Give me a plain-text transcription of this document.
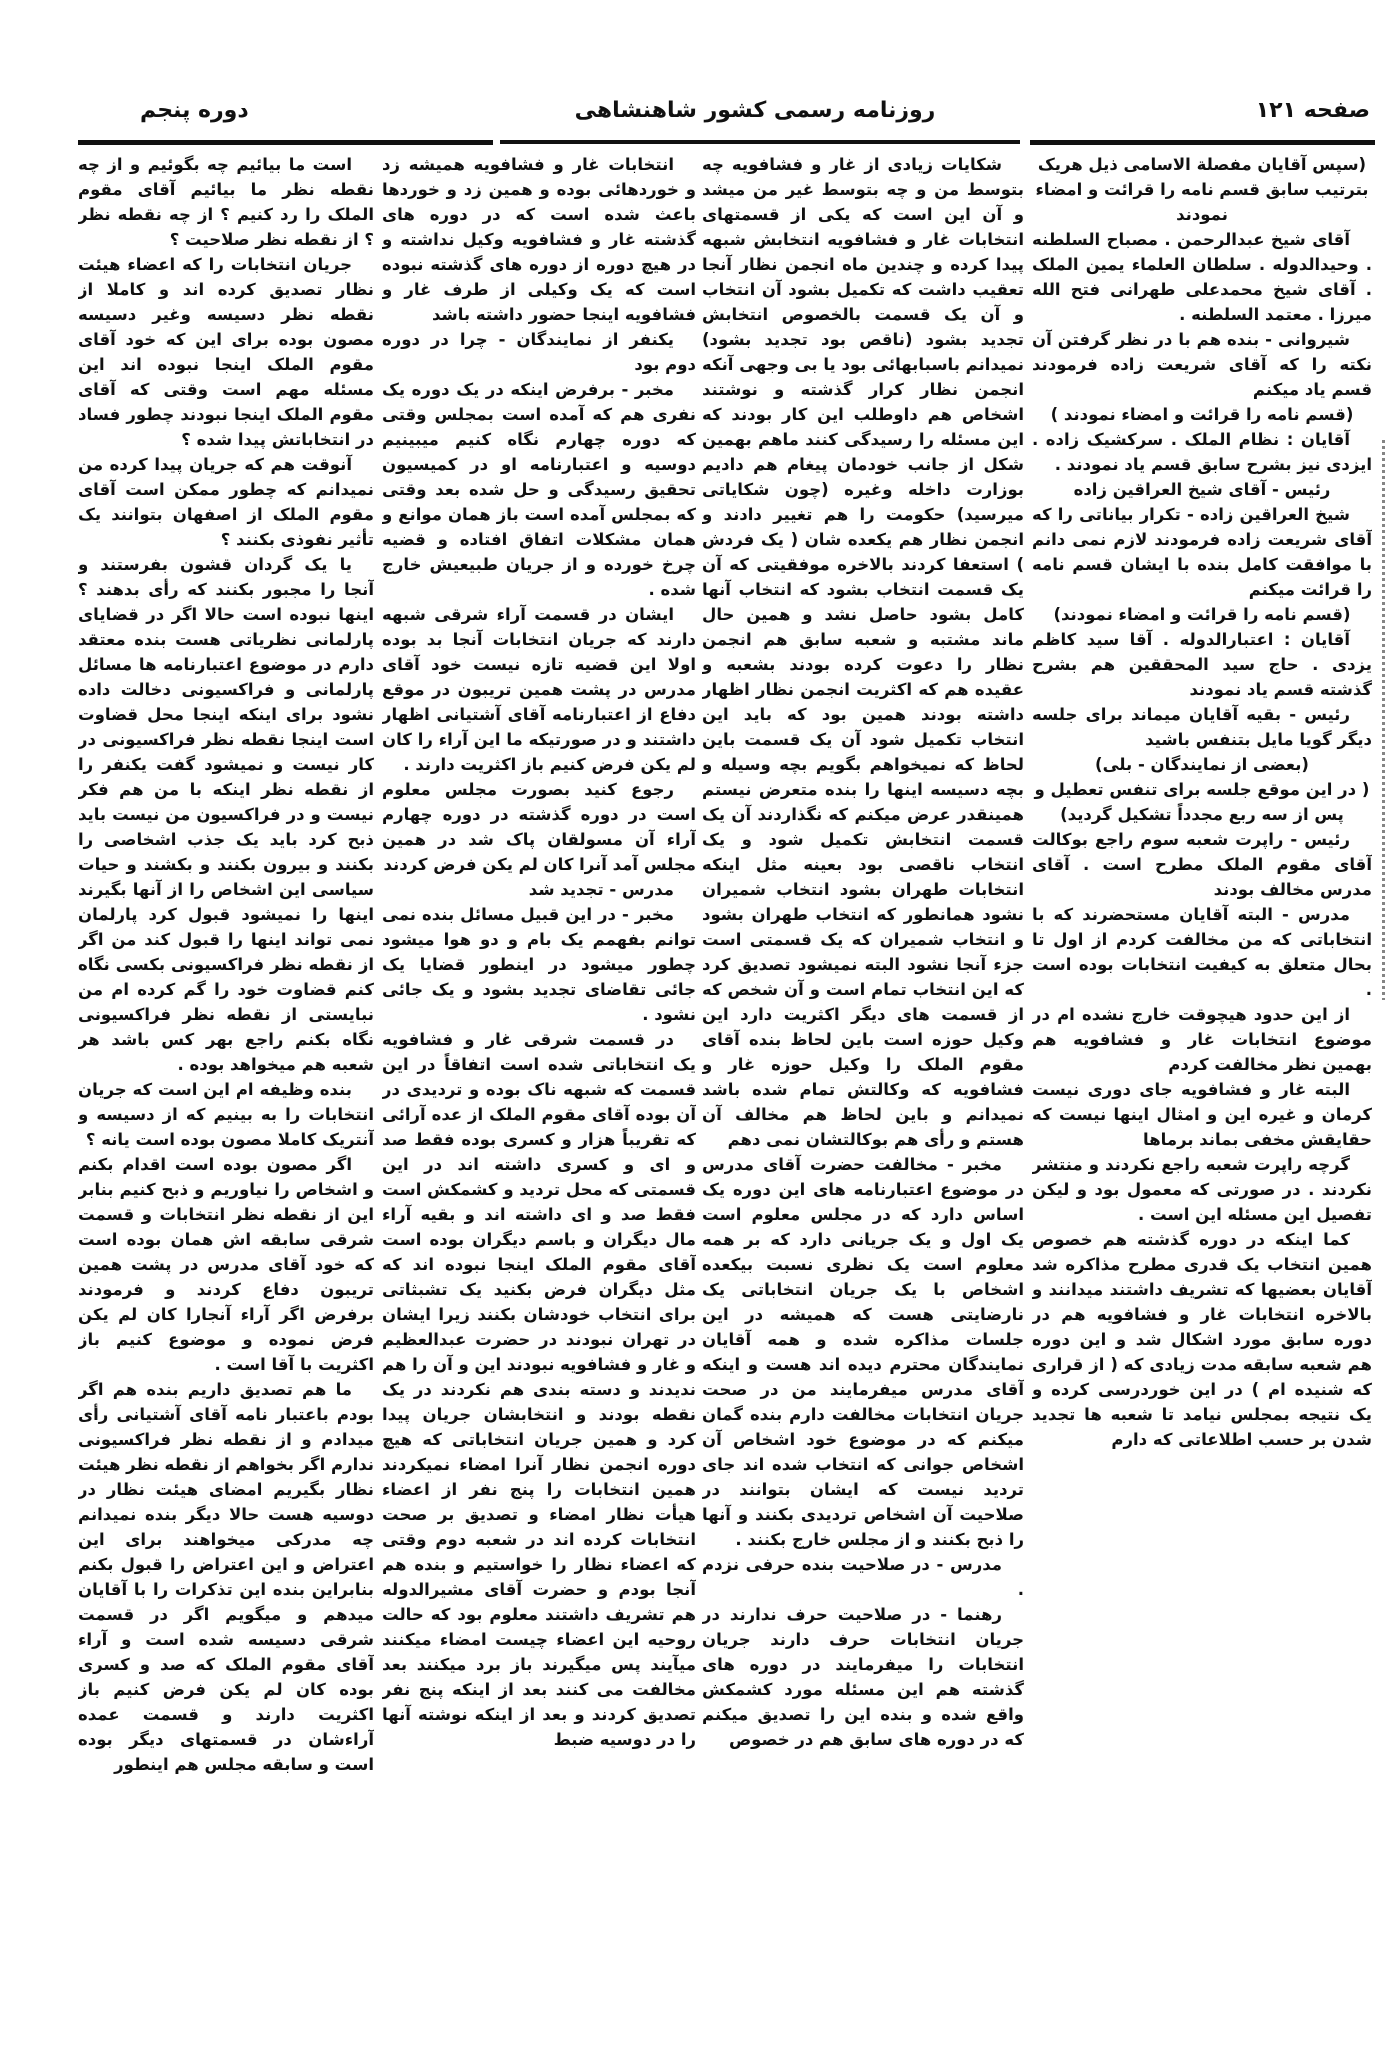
صفحه ۱۲۱
روزنامه رسمی کشور شاهنشاهی
دوره پنجم

(سپس آقایان مفصلة الاسامی ذیل هریک بترتیب سابق قسم نامه را قرائت و امضاء نمودند

آقای شیخ عبدالرحمن . مصباح السلطنه . وحیدالدوله . سلطان العلماء یمین الملک . آقای شیخ محمدعلی طهرانی فتح الله میرزا . معتمد السلطنه .

شیروانی - بنده هم با در نظر گرفتن آن نکته را که آقای شریعت زاده فرمودند قسم یاد میکنم

(قسم نامه را قرائت و امضاء نمودند )

آقایان : نظام الملک . سرکشیک زاده . ایزدی نیز بشرح سابق قسم یاد نمودند .

رئیس - آقای شیخ العراقین زاده

شیخ العراقین زاده - تکرار بیاناتی را که آقای شریعت زاده فرمودند لازم نمی دانم با موافقت کامل بنده با ایشان قسم نامه را قرائت میکنم

(قسم نامه را قرائت و امضاء نمودند)

آقایان : اعتبارالدوله . آقا سید کاظم یزدی . حاج سید المحققین هم بشرح گذشته قسم یاد نمودند

رئیس - بقیه آقایان میماند برای جلسه دیگر گویا مایل بتنفس باشید

(بعضی از نمایندگان - بلی)

( در این موقع جلسه برای تنفس تعطیل و پس از سه ربع مجدداً تشکیل گردید)

رئیس - راپرت شعبه سوم راجع بوکالت آقای مقوم الملک مطرح است . آقای مدرس مخالف بودند

مدرس - البته آقایان مستحضرند که با انتخاباتی که من مخالفت کردم از اول تا بحال متعلق به کیفیت انتخابات بوده است .

از این حدود هیچوقت خارج نشده ام در موضوع انتخابات غار و فشافویه هم بهمین نظر مخالفت کردم

البته غار و فشافویه جای دوری نیست کرمان و غیره این و امثال اینها نیست که حقایقش مخفی بماند برماها

گرچه راپرت شعبه راجع نکردند و منتشر نکردند . در صورتی که معمول بود و لیکن تفصیل این مسئله این است .

کما اینکه در دوره گذشته هم خصوص همین انتخاب یک قدری مطرح مذاکره شد آقایان بعضیها که تشریف داشتند میدانند و بالاخره انتخابات غار و فشافویه هم در دوره سابق مورد اشکال شد و این دوره هم شعبه سابقه مدت زیادی که ( از قراری که شنیده ام ) در این خوردرسی کرده و یک نتیجه بمجلس نیامد تا شعبه ها تجدید شدن بر حسب اطلاعاتی که دارم

شکایات زیادی از غار و فشافویه چه بتوسط من و چه بتوسط غیر من میشد و آن این است که یکی از قسمتهای انتخابات غار و فشافویه انتخابش شبهه پیدا کرده و چندین ماه انجمن نظار آنجا تعقیب داشت که تکمیل بشود آن انتخاب و آن یک قسمت بالخصوص انتخابش تجدید بشود (ناقص بود تجدید بشود) نمیدانم باسبابهائی بود یا بی وجهی آنکه انجمن نظار کرار گذشته و نوشتند اشخاص هم داوطلب این کار بودند که این مسئله را رسیدگی کنند ماهم بهمین شکل از جانب خودمان پیغام هم دادیم بوزارت داخله وغیره (چون شکایاتی میرسید) حکومت را هم تغییر دادند و انجمن نظار هم یکعده شان ( یک فردش ) استعفا کردند بالاخره موفقیتی که آن یک قسمت انتخاب بشود که انتخاب آنها کامل بشود حاصل نشد و همین حال ماند مشتبه و شعبه سابق هم انجمن نظار را دعوت کرده بودند بشعبه و عقیده هم که اکثریت انجمن نظار اظهار داشته بودند همین بود که باید این انتخاب تکمیل شود آن یک قسمت باین لحاظ که نمیخواهم بگویم بچه وسیله و بچه دسیسه اینها را بنده متعرض نیستم همینقدر عرض میکنم که نگذاردند آن یک قسمت انتخابش تکمیل شود و یک انتخاب ناقصی بود بعینه مثل اینکه انتخابات طهران بشود انتخاب شمیران نشود همانطور که انتخاب طهران بشود و انتخاب شمیران که یک قسمتی است جزء آنجا نشود البته نمیشود تصدیق کرد که این انتخاب تمام است و آن شخص که از قسمت های دیگر اکثریت دارد این وکیل حوزه است باین لحاظ بنده آقای مقوم الملک را وکیل حوزه غار و فشافویه که وکالتش تمام شده باشد نمیدانم و باین لحاظ هم مخالف آن هستم و رأی هم بوکالتشان نمی دهم

مخبر - مخالفت حضرت آقای مدرس در موضوع اعتبارنامه های این دوره یک اساس دارد که در مجلس معلوم است یک اول و یک جریانی دارد که بر همه معلوم است یک نظری نسبت بیکعده اشخاص با یک جریان انتخاباتی یک نارضایتی هست که همیشه در این جلسات مذاکره شده و همه آقایان نمایندگان محترم دیده اند هست و اینکه آقای مدرس میفرمایند من در صحت جریان انتخابات مخالفت دارم بنده گمان میکنم که در موضوع خود اشخاص آن اشخاص جوانی که انتخاب شده اند جای تردید نیست که ایشان بتوانند در صلاحیت آن اشخاص تردیدی بکنند و آنها را ذبح بکنند و از مجلس خارج بکنند .

مدرس - در صلاحیت بنده حرفی نزدم .

رهنما - در صلاحیت حرف ندارند در جریان انتخابات حرف دارند جریان انتخابات را میفرمایند در دوره های گذشته هم این مسئله مورد کشمکش واقع شده و بنده این را تصدیق میکنم که در دوره های سابق هم در خصوص

انتخابات غار و فشافویه همیشه زد و خوردهائی بوده و همین زد و خوردها باعث شده است که در دوره های گذشته غار و فشافویه وکیل نداشته و در هیچ دوره از دوره های گذشته نبوده است که یک وکیلی از طرف غار و فشافویه اینجا حضور داشته باشد

یکنفر از نمایندگان - چرا در دوره دوم بود

مخبر - برفرض اینکه در یک دوره یک نفری هم که آمده است بمجلس وقتی که دوره چهارم نگاه کنیم میبینیم دوسیه و اعتبارنامه او در کمیسیون تحقیق رسیدگی و حل شده بعد وقتی که بمجلس آمده است باز همان موانع و همان مشکلات اتفاق افتاده و قضیه چرخ خورده و از جریان طبیعیش خارج شده .

ایشان در قسمت آراء شرقی شبهه دارند که جریان انتخابات آنجا بد بوده اولا این قضیه تازه نیست خود آقای مدرس در پشت همین تریبون در موقع دفاع از اعتبارنامه آقای آشتیانی اظهار داشتند و در صورتیکه ما این آراء را کان لم یکن فرض کنیم باز اکثریت دارند .

رجوع کنید بصورت مجلس معلوم است در دوره گذشته در دوره چهارم آراء آن مسولقان پاک شد در همین مجلس آمد آنرا کان لم یکن فرض کردند

مدرس - تجدید شد

مخبر - در این قبیل مسائل بنده نمی توانم بفهمم یک بام و دو هوا میشود چطور میشود در اینطور قضایا یک جائی تقاضای تجدید بشود و یک جائی نشود .

در قسمت شرقی غار و فشافویه یک انتخاباتی شده است اتفاقاً در این قسمت که شبهه ناک بوده و تردیدی در آن بوده آقای مقوم الملک از عده آرائی که تقریباً هزار و کسری بوده فقط صد و ای و کسری داشته اند در این قسمتی که محل تردید و کشمکش است فقط صد و ای داشته اند و بقیه آراء مال دیگران و باسم دیگران بوده است آقای مقوم الملک اینجا نبوده اند که مثل دیگران فرض بکنید یک تشبثاتی برای انتخاب خودشان بکنند زیرا ایشان در تهران نبودند در حضرت عبدالعظیم و غار و فشافویه نبودند این و آن را هم ندیدند و دسته بندی هم نکردند در یک نقطه بودند و انتخابشان جریان پیدا کرد و همین جریان انتخاباتی که هیچ دوره انجمن نظار آنرا امضاء نمیکردند همین انتخابات را پنج نفر از اعضاء هیأت نظار امضاء و تصدیق بر صحت انتخابات کرده اند در شعبه دوم وقتی که اعضاء نظار را خواستیم و بنده هم آنجا بودم و حضرت آقای مشیرالدوله هم تشریف داشتند معلوم بود که حالت روحیه این اعضاء چیست امضاء میکنند میآیند پس میگیرند باز برد میکنند بعد مخالفت می کنند بعد از اینکه پنج نفر تصدیق کردند و بعد از اینکه نوشته آنها را در دوسیه ضبط

است ما بیائیم چه بگوئیم و از چه نقطه نظر ما بیائیم آقای مقوم الملک را رد کنیم ؟ از چه نقطه نظر ؟ از نقطه نظر صلاحیت ؟

جریان انتخابات را که اعضاء هیئت نظار تصدیق کرده اند و کاملا از نقطه نظر دسیسه وغیر دسیسه مصون بوده برای این که خود آقای مقوم الملک اینجا نبوده اند این مسئله مهم است وقتی که آقای مقوم الملک اینجا نبودند چطور فساد در انتخاباتش پیدا شده ؟

آنوقت هم که جریان پیدا کرده من نمیدانم که چطور ممکن است آقای مقوم الملک از اصفهان بتوانند یک تأثیر نفوذی بکنند ؟

یا یک گردان قشون بفرستند و آنجا را مجبور بکنند که رأی بدهند ؟ اینها نبوده است حالا اگر در قضایای پارلمانی نظریاتی هست بنده معتقد دارم در موضوع اعتبارنامه ها مسائل پارلمانی و فراکسیونی دخالت داده نشود برای اینکه اینجا محل قضاوت است اینجا نقطه نظر فراکسیونی در کار نیست و نمیشود گفت یکنفر را از نقطه نظر اینکه با من هم فکر نیست و در فراکسیون من نیست باید ذبح کرد باید یک جذب اشخاصی را بکنند و بیرون بکنند و بکشند و حیات سیاسی این اشخاص را از آنها بگیرند اینها را نمیشود قبول کرد پارلمان نمی تواند اینها را قبول کند من اگر از نقطه نظر فراکسیونی بکسی نگاه کنم قضاوت خود را گم کرده ام من نبایستی از نقطه نظر فراکسیونی نگاه بکنم راجع بهر کس باشد هر شعبه هم میخواهد بوده .

بنده وظیفه ام این است که جریان انتخابات را به بینیم که از دسیسه و آنتریک کاملا مصون بوده است یانه ؟

اگر مصون بوده است اقدام بکنم و اشخاص را نیاوریم و ذبح کنیم بنابر این از نقطه نظر انتخابات و قسمت شرقی سابقه اش همان بوده است که خود آقای مدرس در پشت همین تریبون دفاع کردند و فرمودند برفرض اگر آراء آنجارا کان لم یکن فرض نموده و موضوع کنیم باز اکثریت با آقا است .

ما هم تصدیق داریم بنده هم اگر بودم باعتبار نامه آقای آشتیانی رأی میدادم و از نقطه نظر فراکسیونی ندارم اگر بخواهم از نقطه نظر هیئت نظار بگیریم امضای هیئت نظار در دوسیه هست حالا دیگر بنده نمیدانم چه مدرکی میخواهند برای این اعتراض و این اعتراض را قبول بکنم بنابراین بنده این تذکرات را با آقایان میدهم و میگویم اگر در قسمت شرقی دسیسه شده است و آراء آقای مقوم الملک که صد و کسری بوده کان لم یکن فرض کنیم باز اکثریت دارند و قسمت عمده آراءشان در قسمتهای دیگر بوده است و سابقه مجلس هم اینطور
